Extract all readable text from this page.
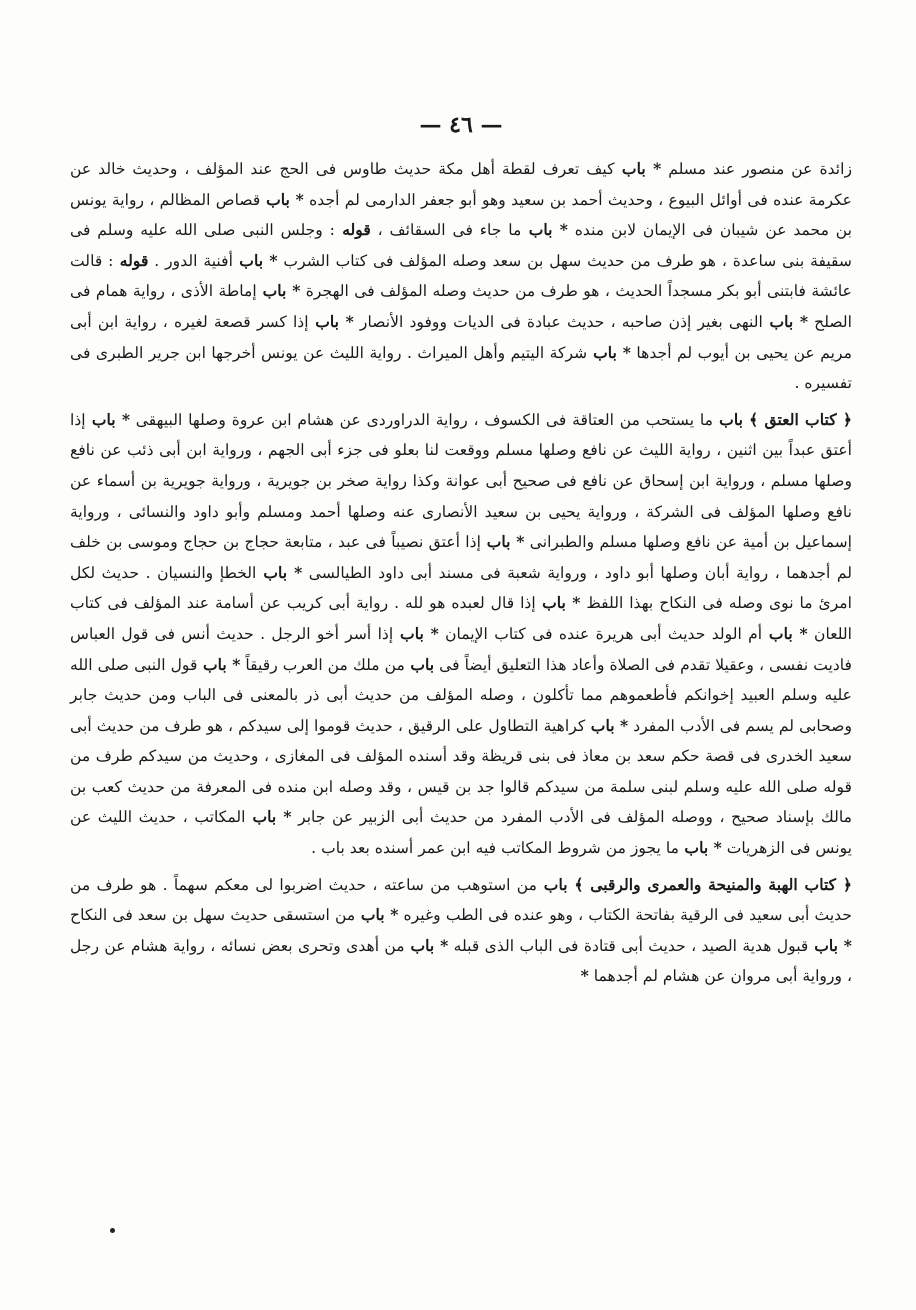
— ٤٦ —

زائدة عن منصور عند مسلم * باب كيف تعرف لقطة أهل مكة حديث طاوس فى الحج عند المؤلف ، وحديث خالد عن عكرمة عنده فى أوائل البيوع ، وحديث أحمد بن سعيد وهو أبو جعفر الدارمى لم أجده * باب قصاص المظالم ، رواية يونس بن محمد عن شيبان فى الإيمان لابن منده * باب ما جاء فى السقائف ، قوله : وجلس النبى صلى الله عليه وسلم فى سقيفة بنى ساعدة ، هو طرف من حديث سهل بن سعد وصله المؤلف فى كتاب الشرب * باب أفنية الدور . قوله : قالت عائشة فابتنى أبو بكر مسجداً الحديث ، هو طرف من حديث وصله المؤلف فى الهجرة * باب إماطة الأذى ، رواية همام فى الصلح * باب النهى بغير إذن صاحبه ، حديث عبادة فى الديات ووفود الأنصار * باب إذا كسر قصعة لغيره ، رواية ابن أبى مريم عن يحيى بن أيوب لم أجدها * باب شركة اليتيم وأهل الميراث . رواية الليث عن يونس أخرجها ابن جرير الطبرى فى تفسيره .

﴿ كتاب العتق ﴾ باب ما يستحب من العتاقة فى الكسوف ، رواية الدراوردى عن هشام ابن عروة وصلها البيهقى * باب إذا أعتق عبداً بين اثنين ، رواية الليث عن نافع وصلها مسلم ووقعت لنا بعلو فى جزء أبى الجهم ، ورواية ابن أبى ذئب عن نافع وصلها مسلم ، ورواية ابن إسحاق عن نافع فى صحيح أبى عوانة وكذا رواية صخر بن جويرية ، ورواية جويرية بن أسماء عن نافع وصلها المؤلف فى الشركة ، ورواية يحيى بن سعيد الأنصارى عنه وصلها أحمد ومسلم وأبو داود والنسائى ، ورواية إسماعيل بن أمية عن نافع وصلها مسلم والطبرانى * باب إذا أعتق نصيباً فى عبد ، متابعة حجاج بن حجاج وموسى بن خلف لم أجدهما ، رواية أبان وصلها أبو داود ، ورواية شعبة فى مسند أبى داود الطيالسى * باب الخطإ والنسيان . حديث لكل امرئ ما نوى وصله فى النكاح بهذا اللفظ * باب إذا قال لعبده هو لله . رواية أبى كريب عن أسامة عند المؤلف فى كتاب اللعان * باب أم الولد حديث أبى هريرة عنده فى كتاب الإيمان * باب إذا أسر أخو الرجل . حديث أنس فى قول العباس فاديت نفسى ، وعقيلا تقدم فى الصلاة وأعاد هذا التعليق أيضاً فى باب من ملك من العرب رقيقاً * باب قول النبى صلى الله عليه وسلم العبيد إخوانكم فأطعموهم مما تأكلون ، وصله المؤلف من حديث أبى ذر بالمعنى فى الباب ومن حديث جابر وصحابى لم يسم فى الأدب المفرد * باب كراهية التطاول على الرقيق ، حديث قوموا إلى سيدكم ، هو طرف من حديث أبى سعيد الخدرى فى قصة حكم سعد بن معاذ فى بنى قريظة وقد أسنده المؤلف فى المغازى ، وحديث من سيدكم طرف من قوله صلى الله عليه وسلم لبنى سلمة من سيدكم قالوا جد بن قيس ، وقد وصله ابن منده فى المعرفة من حديث كعب بن مالك بإسناد صحيح ، ووصله المؤلف فى الأدب المفرد من حديث أبى الزبير عن جابر * باب المكاتب ، حديث الليث عن يونس فى الزهريات * باب ما يجوز من شروط المكاتب فيه ابن عمر أسنده بعد باب .

﴿ كتاب الهبة والمنيحة والعمرى والرقبى ﴾ باب من استوهب من ساعته ، حديث اضربوا لى معكم سهماً . هو طرف من حديث أبى سعيد فى الرقية بفاتحة الكتاب ، وهو عنده فى الطب وغيره * باب من استسقى حديث سهل بن سعد فى النكاح * باب قبول هدية الصيد ، حديث أبى قتادة فى الباب الذى قبله * باب من أهدى وتحرى بعض نسائه ، رواية هشام عن رجل ، ورواية أبى مروان عن هشام لم أجدهما *
